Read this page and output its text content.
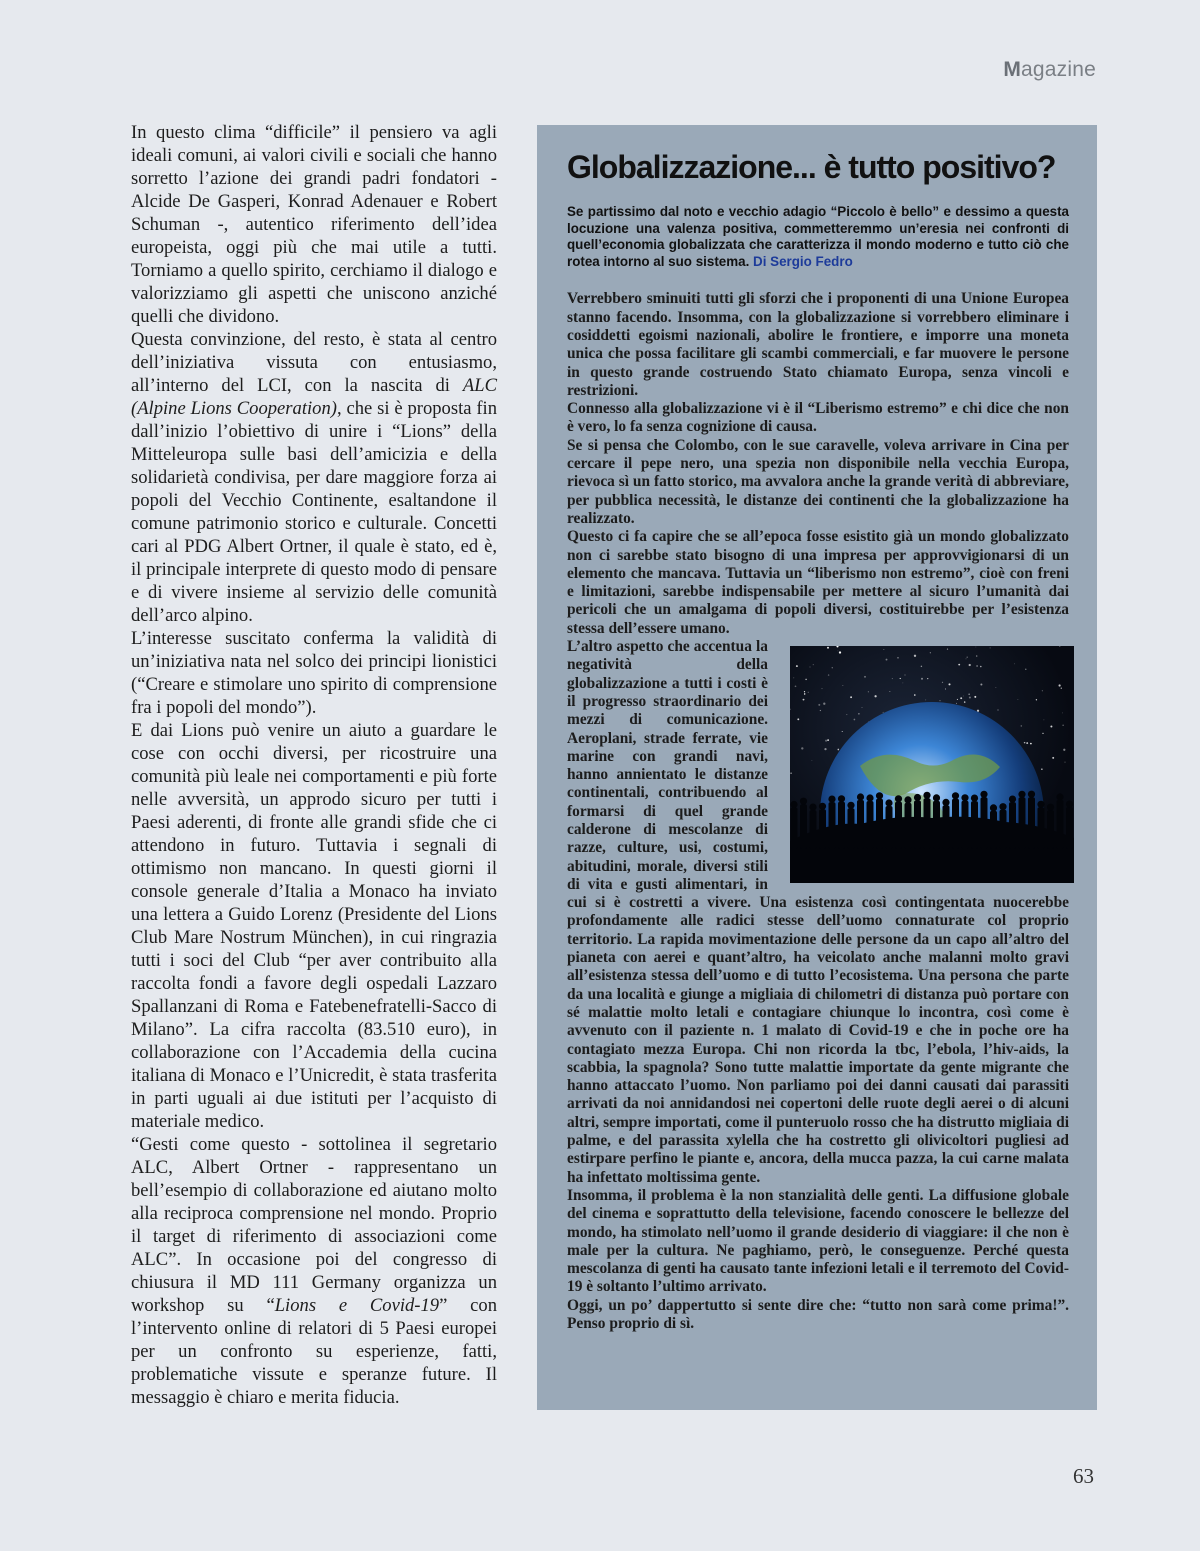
Magazine

In questo clima “difficile” il pensiero va agli ideali comuni, ai valori civili e sociali che hanno sorretto l’azione dei grandi padri fondatori - Alcide De Gasperi, Konrad Adenauer e Robert Schuman -, autentico riferimento dell’idea europeista, oggi più che mai utile a tutti. Torniamo a quello spirito, cerchiamo il dialogo e valorizziamo gli aspetti che uniscono anziché quelli che dividono.

Questa convinzione, del resto, è stata al centro dell’iniziativa vissuta con entusiasmo, all’interno del LCI, con la nascita di ALC (Alpine Lions Cooperation), che si è proposta fin dall’inizio l’obiettivo di unire i “Lions” della Mitteleuropa sulle basi dell’amicizia e della solidarietà condivisa, per dare maggiore forza ai popoli del Vecchio Continente, esaltandone il comune patrimonio storico e culturale. Concetti cari al PDG Albert Ortner, il quale è stato, ed è, il principale interprete di questo modo di pensare e di vivere insieme al servizio delle comunità dell’arco alpino.

L’interesse suscitato conferma la validità di un’iniziativa nata nel solco dei principi lionistici (“Creare e stimolare uno spirito di comprensione fra i popoli del mondo”).

E dai Lions può venire un aiuto a guardare le cose con occhi diversi, per ricostruire una comunità più leale nei comportamenti e più forte nelle avversità, un approdo sicuro per tutti i Paesi aderenti, di fronte alle grandi sfide che ci attendono in futuro. Tuttavia i segnali di ottimismo non mancano. In questi giorni il console generale d’Italia a Monaco ha inviato una lettera a Guido Lorenz (Presidente del Lions Club Mare Nostrum München), in cui ringrazia tutti i soci del Club “per aver contribuito alla raccolta fondi a favore degli ospedali Lazzaro Spallanzani di Roma e Fatebenefratelli-Sacco di Milano”. La cifra raccolta (83.510 euro), in collaborazione con l’Accademia della cucina italiana di Monaco e l’Unicredit, è stata trasferita in parti uguali ai due istituti per l’acquisto di materiale medico.

“Gesti come questo - sottolinea il segretario ALC, Albert Ortner - rappresentano un bell’esempio di collaborazione ed aiutano molto alla reciproca comprensione nel mondo. Proprio il target di riferimento di associazioni come ALC”. In occasione poi del congresso di chiusura il MD 111 Germany organizza un workshop su “Lions e Covid-19” con l’intervento online di relatori di 5 Paesi europei per un confronto su esperienze, fatti, problematiche vissute e speranze future. Il messaggio è chiaro e merita fiducia.

Globalizzazione... è tutto positivo?

Se partissimo dal noto e vecchio adagio “Piccolo è bello” e dessimo a questa locuzione una valenza positiva, commetteremmo un’eresia nei confronti di quell’economia globalizzata che caratterizza il mondo moderno e tutto ciò che rotea intorno al suo sistema. Di Sergio Fedro

Verrebbero sminuiti tutti gli sforzi che i proponenti di una Unione Europea stanno facendo. Insomma, con la globalizzazione si vorrebbero eliminare i cosiddetti egoismi nazionali, abolire le frontiere, e imporre una moneta unica che possa facilitare gli scambi commerciali, e far muovere le persone in questo grande costruendo Stato chiamato Europa, senza vincoli e restrizioni.

Connesso alla globalizzazione vi è il “Liberismo estremo” e chi dice che non è vero, lo fa senza cognizione di causa.

Se si pensa che Colombo, con le sue caravelle, voleva arrivare in Cina per cercare il pepe nero, una spezia non disponibile nella vecchia Europa, rievoca sì un fatto storico, ma avvalora anche la grande verità di abbreviare, per pubblica necessità, le distanze dei continenti che la globalizzazione ha realizzato.

Questo ci fa capire che se all’epoca fosse esistito già un mondo globalizzato non ci sarebbe stato bisogno di una impresa per approvvigionarsi di un elemento che mancava. Tuttavia un “liberismo non estremo”, cioè con freni e limitazioni, sarebbe indispensabile per mettere al sicuro l’umanità dai pericoli che un amalgama di popoli diversi, costituirebbe per l’esistenza stessa dell’essere umano.

L’altro aspetto che accentua la negatività della globalizzazione a tutti i costi è il progresso straordinario dei mezzi di comunicazione. Aeroplani, strade ferrate, vie marine con grandi navi, hanno annientato le distanze continentali, contribuendo al formarsi di quel grande calderone di mescolanze di razze, culture, usi, costumi, abitudini, morale, diversi stili di vita e gusti alimentari, in cui si è costretti a vivere. Una esistenza così contingentata nuocerebbe profondamente alle radici stesse dell’uomo connaturate col proprio territorio. La rapida movimentazione delle persone da un capo all’altro del pianeta con aerei e quant’altro, ha veicolato anche malanni molto gravi all’esistenza stessa dell’uomo e di tutto l’ecosistema. Una persona che parte da una località e giunge a migliaia di chilometri di distanza può portare con sé malattie molto letali e contagiare chiunque lo incontra, così come è avvenuto con il paziente n. 1 malato di Covid-19 e che in poche ore ha contagiato mezza Europa. Chi non ricorda la tbc, l’ebola, l’hiv-aids, la scabbia, la spagnola? Sono tutte malattie importate da gente migrante che hanno attaccato l’uomo. Non parliamo poi dei danni causati dai parassiti arrivati da noi annidandosi nei copertoni delle ruote degli aerei o di alcuni altri, sempre importati, come il punteruolo rosso che ha distrutto migliaia di palme, e del parassita xylella che ha costretto gli olivicoltori pugliesi ad estirpare perfino le piante e, ancora, della mucca pazza, la cui carne malata ha infettato moltissima gente.

Insomma, il problema è la non stanzialità delle genti. La diffusione globale del cinema e soprattutto della televisione, facendo conoscere le bellezze del mondo, ha stimolato nell’uomo il grande desiderio di viaggiare: il che non è male per la cultura. Ne paghiamo, però, le conseguenze. Perché questa mescolanza di genti ha causato tante infezioni letali e il terremoto del Covid-19 è soltanto l’ultimo arrivato.

Oggi, un po’ dappertutto si sente dire che: “tutto non sarà come prima!”. Penso proprio di sì.

63
